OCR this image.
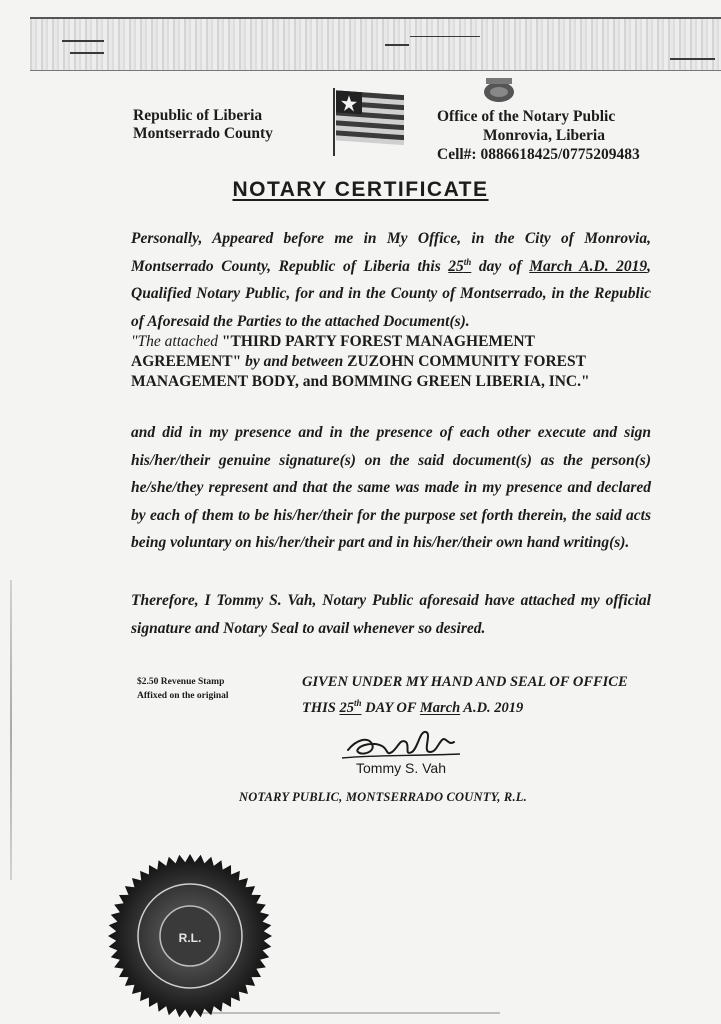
Republic of Liberia
Montserrado County
Office of the Notary Public
Monrovia, Liberia
Cell#: 0886618425/0775209483
NOTARY CERTIFICATE
Personally, Appeared before me in My Office, in the City of Monrovia, Montserrado County, Republic of Liberia this 25th day of March A.D. 2019, Qualified Notary Public, for and in the County of Montserrado, in the Republic of Aforesaid the Parties to the attached Document(s).
"The attached "THIRD PARTY FOREST MANAGHEMENT AGREEMENT" by and between ZUZOHN COMMUNITY FOREST MANAGEMENT BODY, and BOMMING GREEN LIBERIA, INC."
and did in my presence and in the presence of each other execute and sign his/her/their genuine signature(s) on the said document(s) as the person(s) he/she/they represent and that the same was made in my presence and declared by each of them to be his/her/their for the purpose set forth therein, the said acts being voluntary on his/her/their part and in his/her/their own hand writing(s).
Therefore, I Tommy S. Vah, Notary Public aforesaid have attached my official signature and Notary Seal to avail whenever so desired.
$2.50 Revenue Stamp
Affixed on the original
GIVEN UNDER MY HAND AND SEAL OF OFFICE
THIS 25th DAY OF March A.D. 2019
Tommy S. Vah
NOTARY PUBLIC, MONTSERRADO COUNTY, R.L.
R.L.
